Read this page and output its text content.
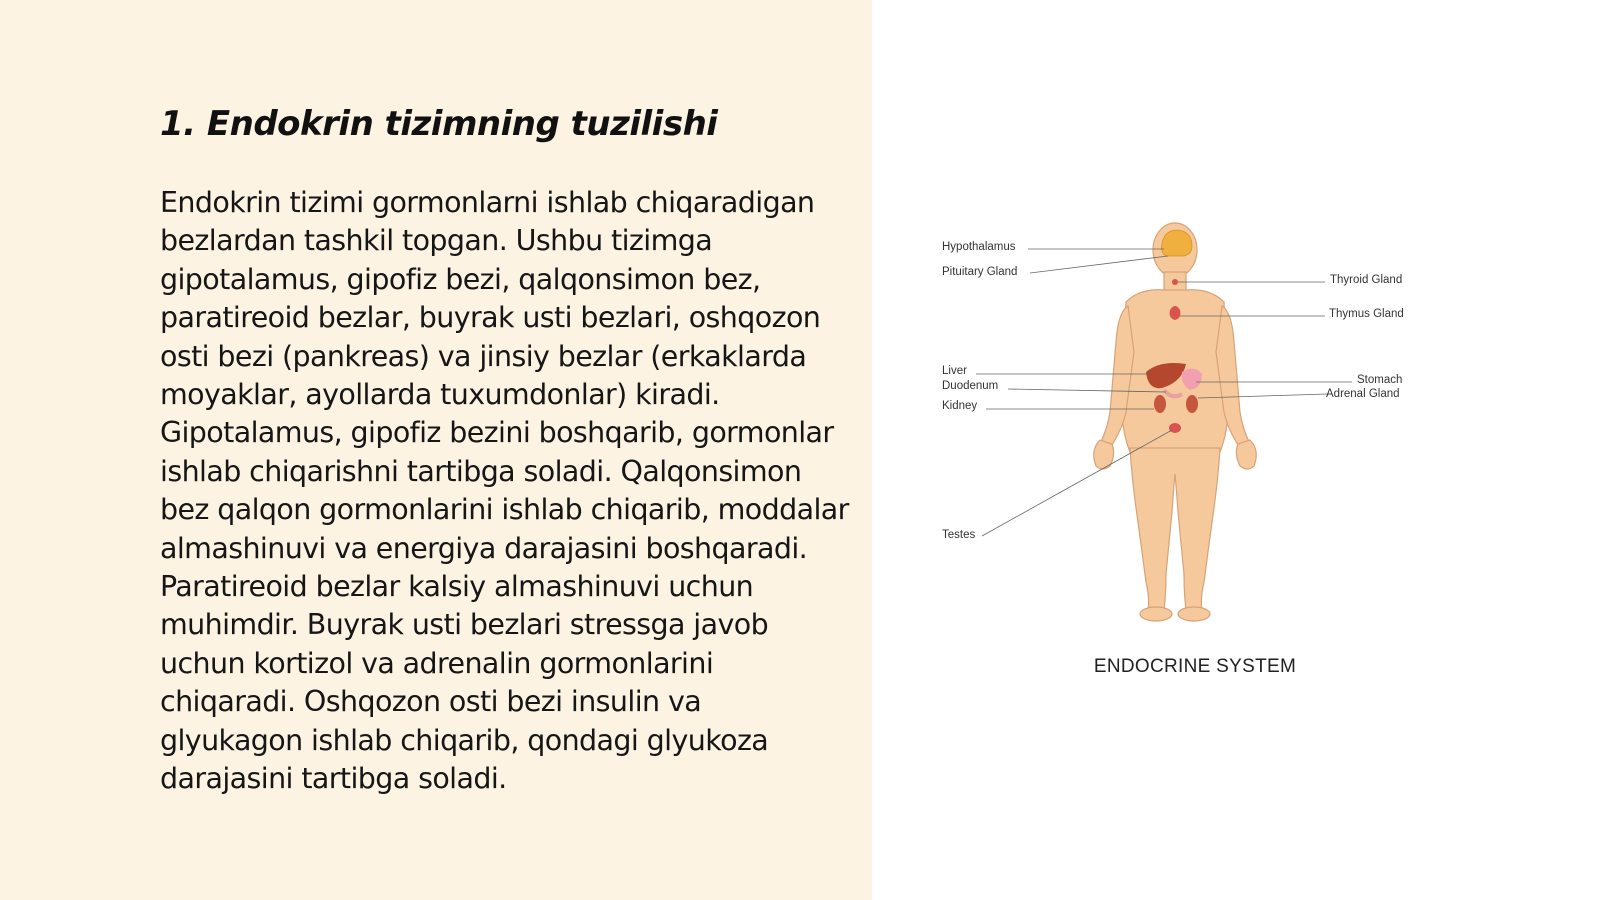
1. Endokrin tizimning tuzilishi

Endokrin tizimi gormonlarni ishlab chiqaradigan bezlardan tashkil topgan. Ushbu tizimga gipotalamus, gipofiz bezi, qalqonsimon bez, paratireoid bezlar, buyrak usti bezlari, oshqozon osti bezi (pankreas) va jinsiy bezlar (erkaklarda moyaklar, ayollarda tuxumdonlar) kiradi. Gipotalamus, gipofiz bezini boshqarib, gormonlar ishlab chiqarishni tartibga soladi. Qalqonsimon bez qalqon gormonlarini ishlab chiqarib, moddalar almashinuvi va energiya darajasini boshqaradi. Paratireoid bezlar kalsiy almashinuvi uchun muhimdir. Buyrak usti bezlari stressga javob uchun kortizol va adrenalin gormonlarini chiqaradi. Oshqozon osti bezi insulin va glyukagon ishlab chiqarib, qondagi glyukoza darajasini tartibga soladi.

Hypothalamus
Pituitary Gland
Thyroid Gland
Thymus Gland
Liver
Duodenum
Kidney
Stomach
Adrenal Gland
Testes
ENDOCRINE SYSTEM
